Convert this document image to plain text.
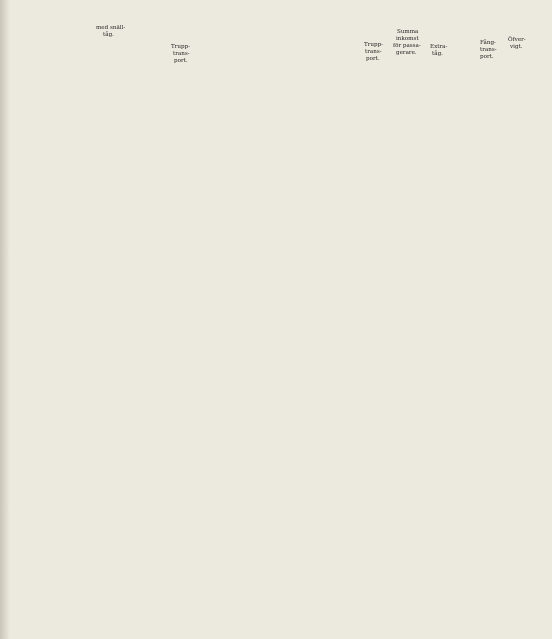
med snäll-
tåg.	Summa
inkomst
för passa-
gerare.
Extra-
tåg.
Fång-
trans-
port.
Trupp-
trans-
port.
Trupp-
trans-
port.
Öfver-
vigt.
